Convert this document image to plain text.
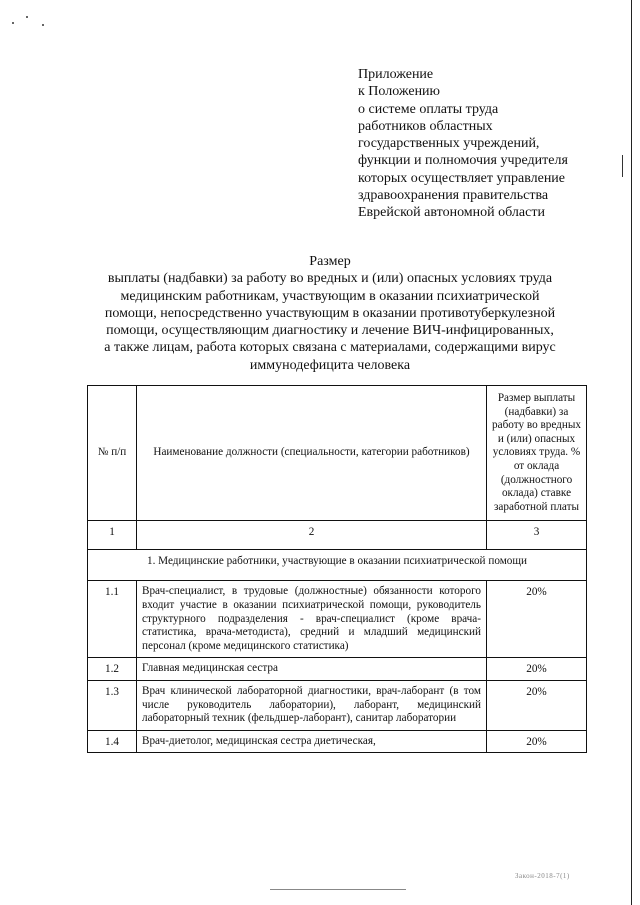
Приложение
к Положению
о системе оплаты труда
работников областных
государственных учреждений,
функции и полномочия учредителя
которых осуществляет управление
здравоохранения правительства
Еврейской автономной области
Размер
выплаты (надбавки) за работу во вредных и (или) опасных условиях труда
медицинским работникам, участвующим в оказании психиатрической
помощи, непосредственно участвующим в оказании противотуберкулезной
помощи, осуществляющим диагностику и лечение ВИЧ-инфицированных,
а также лицам, работа которых связана с материалами, содержащими вирус
иммунодефицита человека
№ п/п	Наименование должности (специальности, категории работников)	Размер выплаты (надбавки) за работу во вредных и (или) опасных условиях труда. % от оклада (должностного оклада) ставке заработной платы
1	2	3
1. Медицинские работники, участвующие в оказании психиатрической помощи		
1.1	Врач-специалист, в трудовые (должностные) обязанности которого входит участие в оказании психиатрической помощи, руководитель структурного подразделения - врач-специалист (кроме врача-статистика, врача-методиста), средний и младший медицинский персонал (кроме медицинского статистика)	20%
1.2	Главная медицинская сестра	20%
1.3	Врач клинической лабораторной диагностики, врач-лаборант (в том числе руководитель лаборатории), лаборант, медицинский лабораторный техник (фельдшер-лаборант), санитар лаборатории	20%
1.4	Врач-диетолог, медицинская сестра диетическая,	20%
Закон-2018-7(1)
